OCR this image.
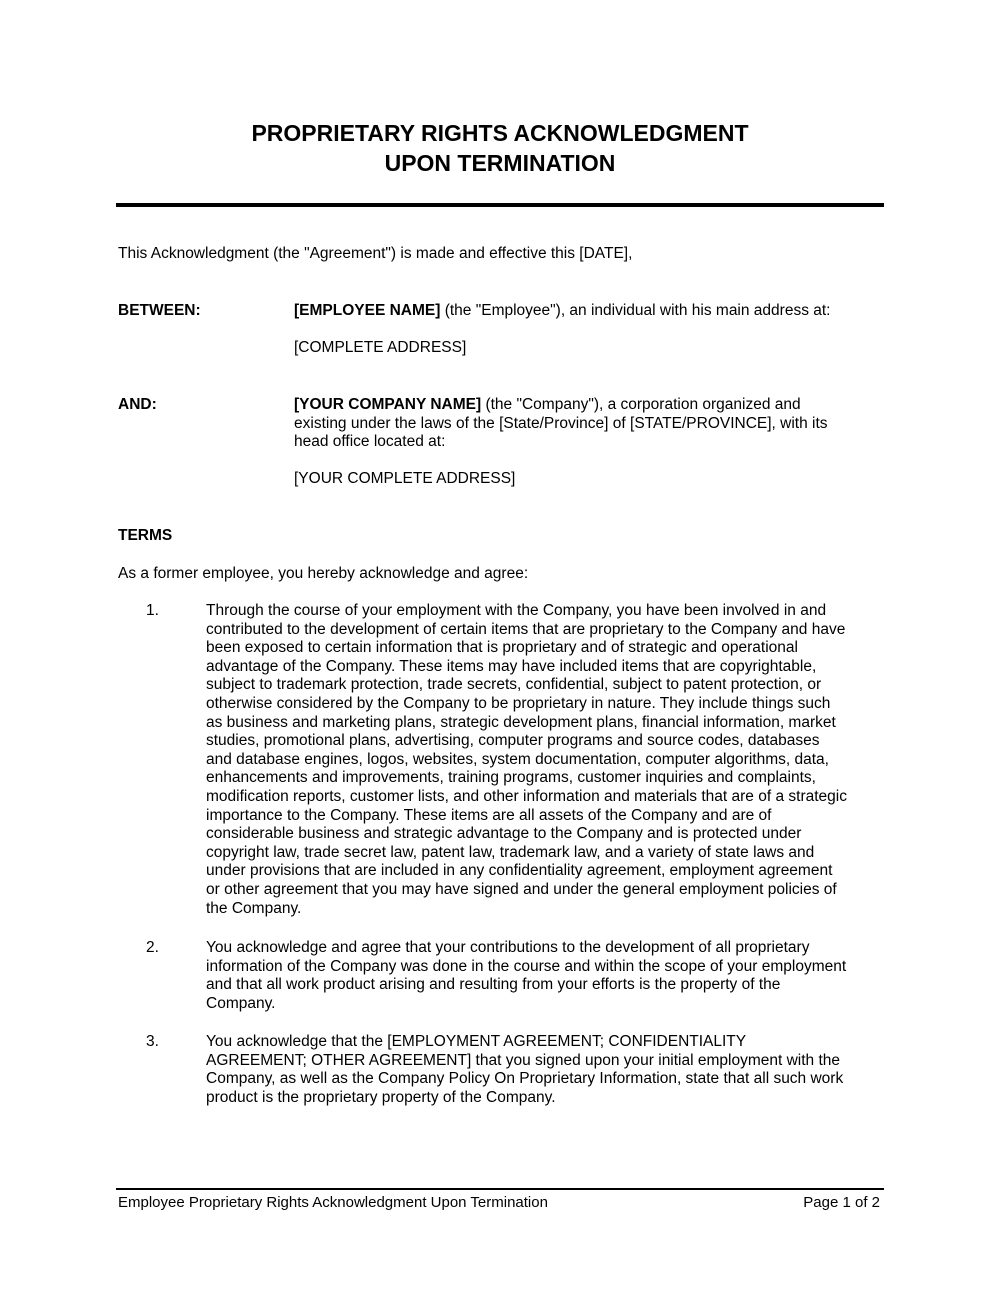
PROPRIETARY RIGHTS ACKNOWLEDGMENT
UPON TERMINATION
This Acknowledgment (the "Agreement") is made and effective this [DATE],
BETWEEN:	[EMPLOYEE NAME] (the "Employee"), an individual with his main address at:
[COMPLETE ADDRESS]
AND:	[YOUR COMPANY NAME] (the "Company"), a corporation organized and
existing under the laws of the [State/Province] of [STATE/PROVINCE], with its
head office located at:
[YOUR COMPLETE ADDRESS]
TERMS
As a former employee, you hereby acknowledge and agree:
1.	Through the course of your employment with the Company, you have been involved in and
contributed to the development of certain items that are proprietary to the Company and have
been exposed to certain information that is proprietary and of strategic and operational
advantage of the Company. These items may have included items that are copyrightable,
subject to trademark protection, trade secrets, confidential, subject to patent protection, or
otherwise considered by the Company to be proprietary in nature. They include things such
as business and marketing plans, strategic development plans, financial information, market
studies, promotional plans, advertising, computer programs and source codes, databases
and database engines, logos, websites, system documentation, computer algorithms, data,
enhancements and improvements, training programs, customer inquiries and complaints,
modification reports, customer lists, and other information and materials that are of a strategic
importance to the Company. These items are all assets of the Company and are of
considerable business and strategic advantage to the Company and is protected under
copyright law, trade secret law, patent law, trademark law, and a variety of state laws and
under provisions that are included in any confidentiality agreement, employment agreement
or other agreement that you may have signed and under the general employment policies of
the Company.
2.	You acknowledge and agree that your contributions to the development of all proprietary
information of the Company was done in the course and within the scope of your employment
and that all work product arising and resulting from your efforts is the property of the
Company.
3.	You acknowledge that the [EMPLOYMENT AGREEMENT; CONFIDENTIALITY
AGREEMENT; OTHER AGREEMENT] that you signed upon your initial employment with the
Company, as well as the Company Policy On Proprietary Information, state that all such work
product is the proprietary property of the Company.
Employee Proprietary Rights Acknowledgment Upon Termination	Page 1 of 2
